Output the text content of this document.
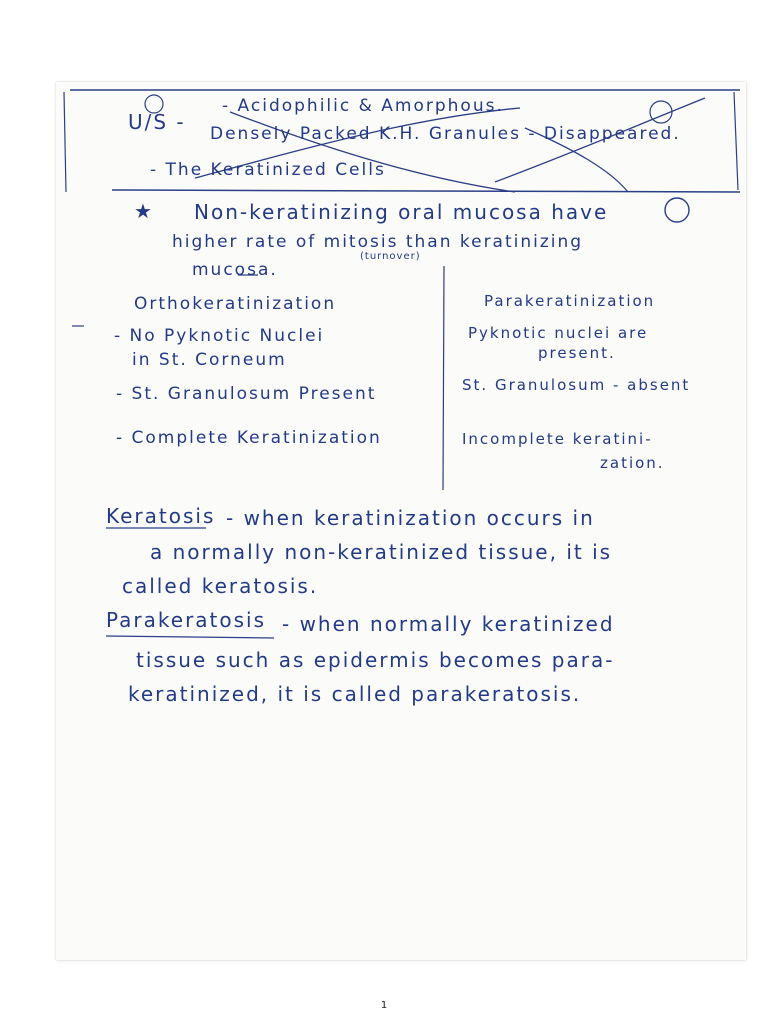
★
U/S -
- Acidophilic & Amorphous.
Densely Packed K.H. Granules - Disappeared.
- The Keratinized Cells
Non-keratinizing oral mucosa have
higher rate of mitosis than keratinizing
(turnover)
mucosa.
Orthokeratinization
- No Pyknotic Nuclei
in St. Corneum
- St. Granulosum Present
- Complete Keratinization
Parakeratinization
Pyknotic nuclei are
present.
St. Granulosum - absent
Incomplete keratini-
zation.
Keratosis - when keratinization occurs in
a normally non-keratinized tissue, it is
called keratosis.
Parakeratosis - when normally keratinized
tissue such as epidermis becomes para-
keratinized, it is called parakeratosis.
1
